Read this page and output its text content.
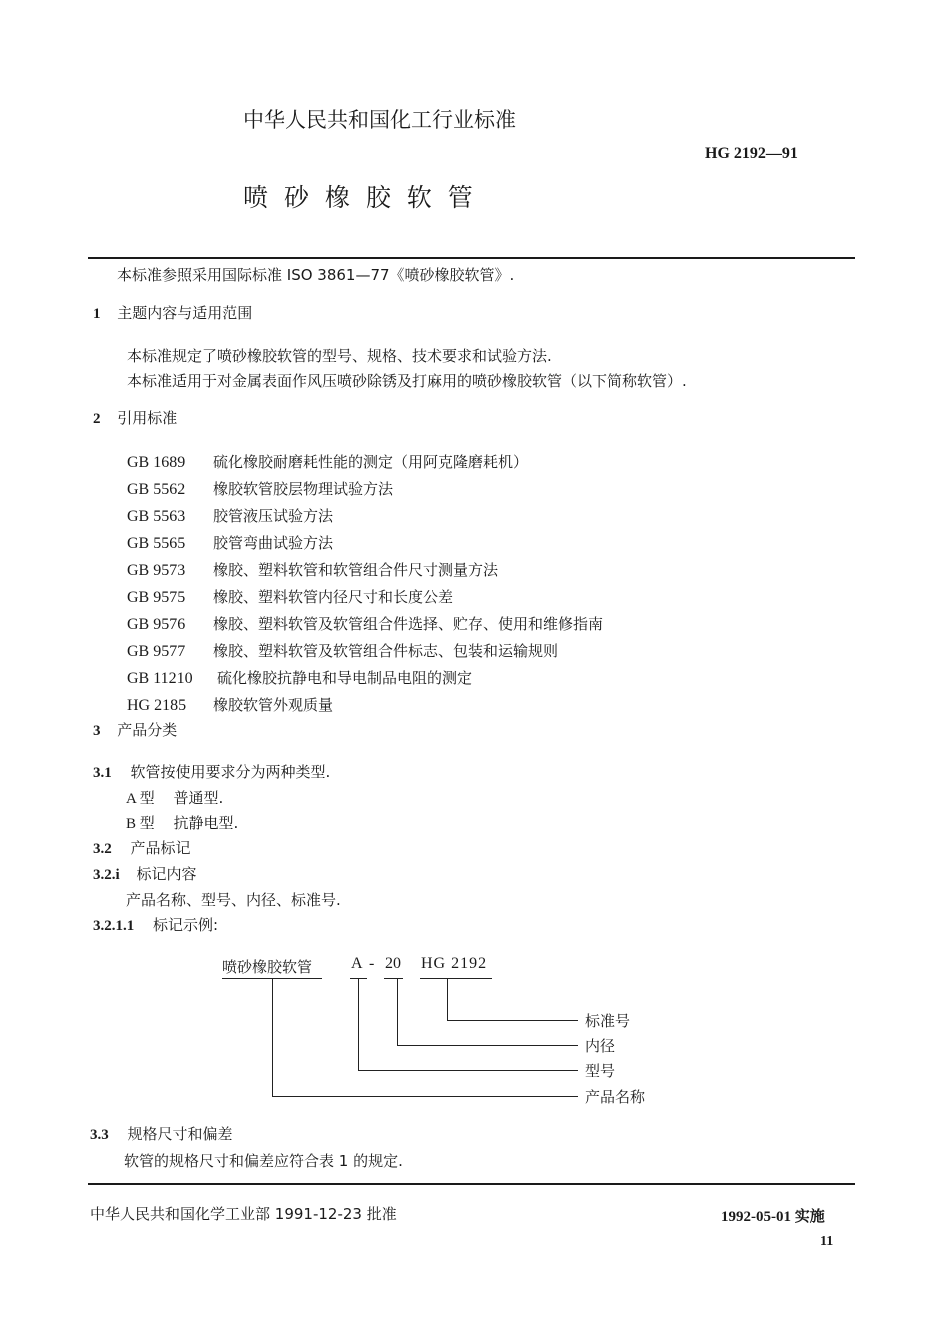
中华人民共和国化工行业标准
HG 2192—91
喷 砂 橡 胶 软 管
本标准参照采用国际标准 ISO 3861—77《喷砂橡胶软管》.
1 主题内容与适用范围
本标准规定了喷砂橡胶软管的型号、规格、技术要求和试验方法.
本标准适用于对金属表面作风压喷砂除锈及打麻用的喷砂橡胶软管（以下简称软管）.
2 引用标准
GB 1689 硫化橡胶耐磨耗性能的测定（用阿克隆磨耗机）
GB 5562 橡胶软管胶层物理试验方法
GB 5563 胶管液压试验方法
GB 5565 胶管弯曲试验方法
GB 9573 橡胶、塑料软管和软管组合件尺寸测量方法
GB 9575 橡胶、塑料软管内径尺寸和长度公差
GB 9576 橡胶、塑料软管及软管组合件选择、贮存、使用和维修指南
GB 9577 橡胶、塑料软管及软管组合件标志、包装和运输规则
GB 11210 硫化橡胶抗静电和导电制品电阻的测定
HG 2185 橡胶软管外观质量
3 产品分类
3.1 软管按使用要求分为两种类型.
A 型 普通型.
B 型 抗静电型.
3.2 产品标记
3.2.i 标记内容
产品名称、型号、内径、标准号.
3.2.1.1 标记示例:
喷砂橡胶软管 A - 20 HG 2192
标准号
内径
型号
产品名称
3.3 规格尺寸和偏差
软管的规格尺寸和偏差应符合表 1 的规定.
中华人民共和国化学工业部 1991-12-23 批准	1992-05-01 实施
11
